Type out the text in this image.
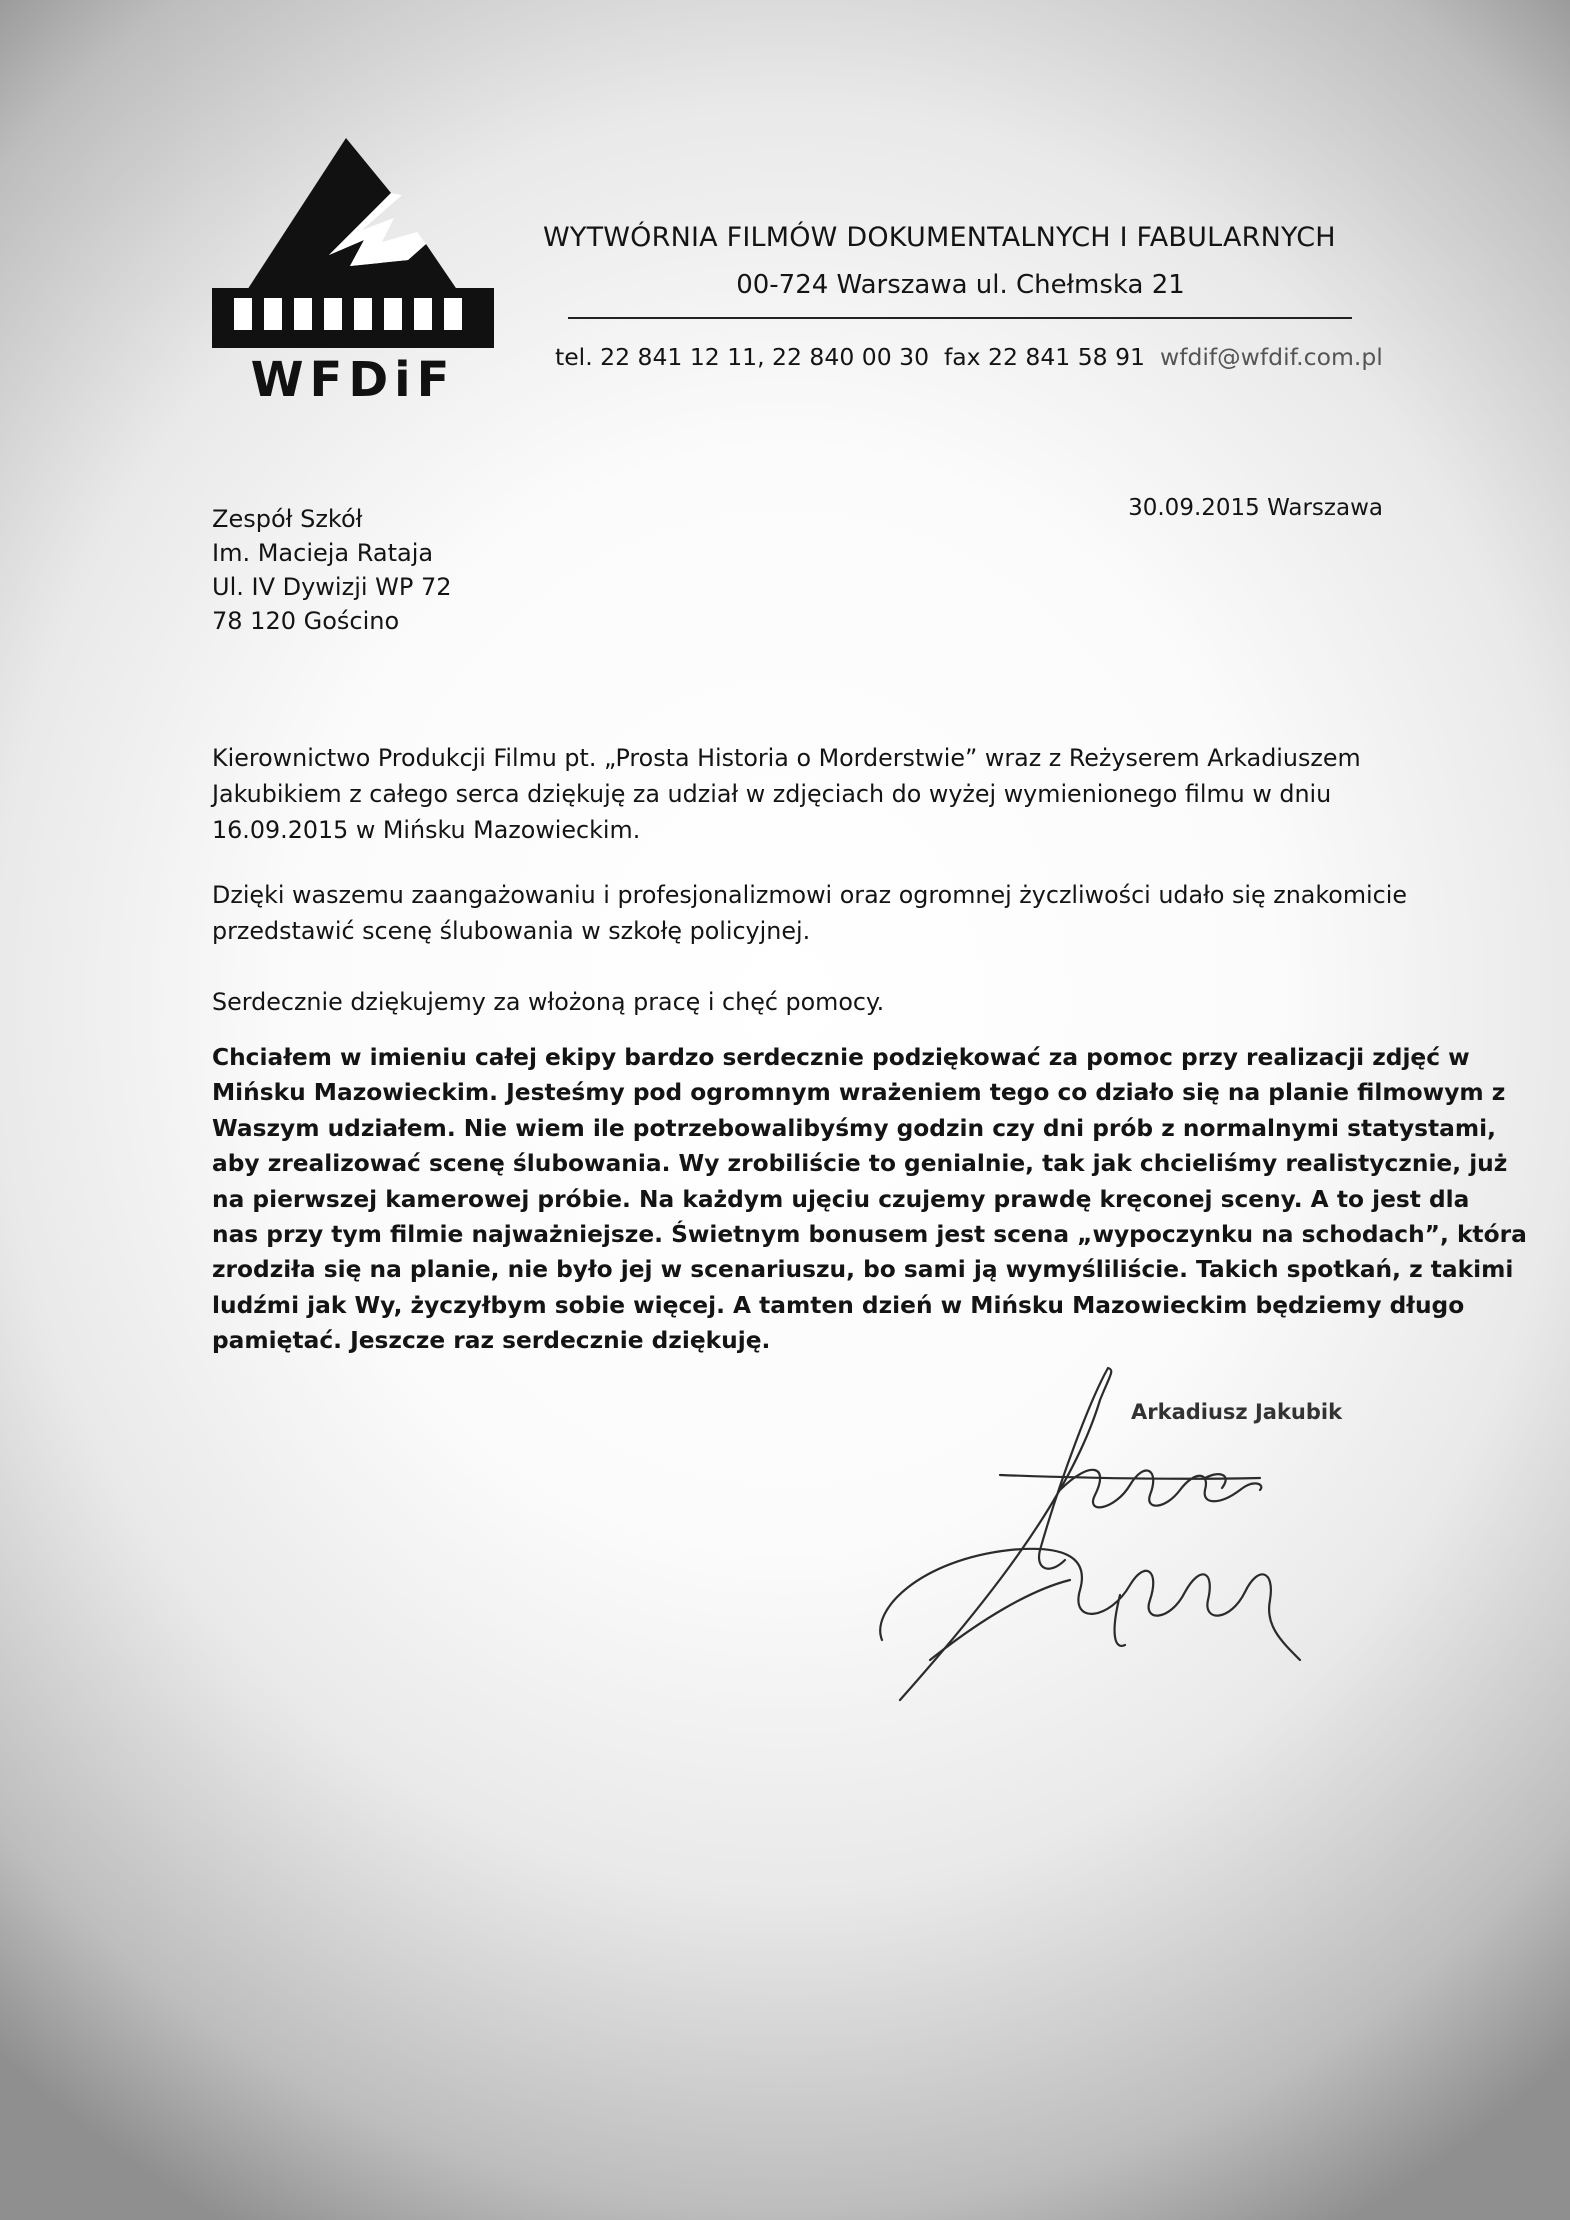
WFDiF
WYTWÓRNIA FILMÓW DOKUMENTALNYCH I FABULARNYCH
00-724 Warszawa ul. Chełmska 21
tel. 22 841 12 11, 22 840 00 30 fax 22 841 58 91 wfdif@wfdif.com.pl
30.09.2015 Warszawa
Zespół Szkół
Im. Macieja Rataja
Ul. IV Dywizji WP 72
78 120 Gościno
Kierownictwo Produkcji Filmu pt. „Prosta Historia o Morderstwie” wraz z Reżyserem Arkadiuszem
Jakubikiem z całego serca dziękuję za udział w zdjęciach do wyżej wymienionego filmu w dniu
16.09.2015 w Mińsku Mazowieckim.
Dzięki waszemu zaangażowaniu i profesjonalizmowi oraz ogromnej życzliwości udało się znakomicie
przedstawić scenę ślubowania w szkołę policyjnej.
Serdecznie dziękujemy za włożoną pracę i chęć pomocy.
Chciałem w imieniu całej ekipy bardzo serdecznie podziękować za pomoc przy realizacji zdjęć w
Mińsku Mazowieckim. Jesteśmy pod ogromnym wrażeniem tego co działo się na planie filmowym z
Waszym udziałem. Nie wiem ile potrzebowalibyśmy godzin czy dni prób z normalnymi statystami,
aby zrealizować scenę ślubowania. Wy zrobiliście to genialnie, tak jak chcieliśmy realistycznie, już
na pierwszej kamerowej próbie. Na każdym ujęciu czujemy prawdę kręconej sceny. A to jest dla
nas przy tym filmie najważniejsze. Świetnym bonusem jest scena „wypoczynku na schodach”, która
zrodziła się na planie, nie było jej w scenariuszu, bo sami ją wymyśliliście. Takich spotkań, z takimi
ludźmi jak Wy, życzyłbym sobie więcej. A tamten dzień w Mińsku Mazowieckim będziemy długo
pamiętać. Jeszcze raz serdecznie dziękuję.
Arkadiusz Jakubik
